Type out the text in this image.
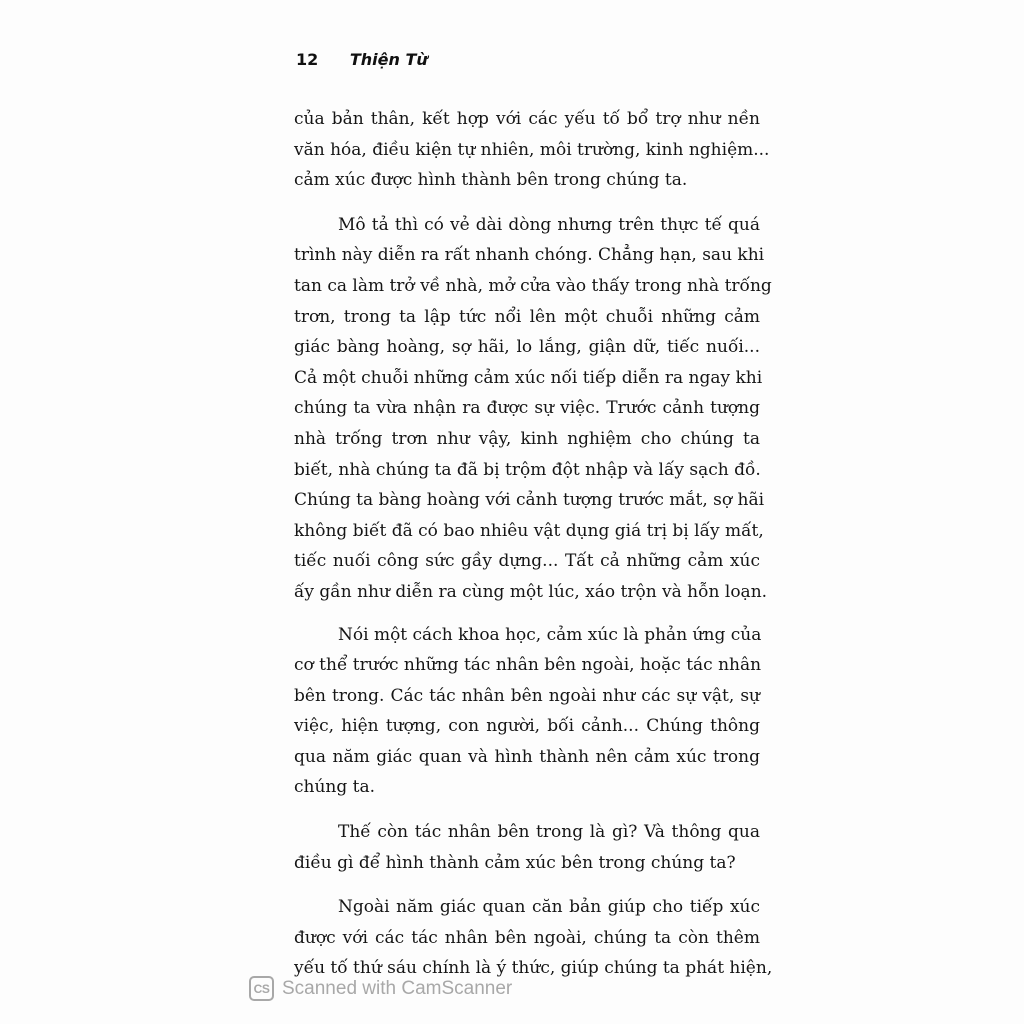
12 Thiện Từ
của bản thân, kết hợp với các yếu tố bổ trợ như nền
văn hóa, điều kiện tự nhiên, môi trường, kinh nghiệm...
cảm xúc được hình thành bên trong chúng ta.
Mô tả thì có vẻ dài dòng nhưng trên thực tế quá
trình này diễn ra rất nhanh chóng. Chẳng hạn, sau khi
tan ca làm trở về nhà, mở cửa vào thấy trong nhà trống
trơn, trong ta lập tức nổi lên một chuỗi những cảm
giác bàng hoàng, sợ hãi, lo lắng, giận dữ, tiếc nuối...
Cả một chuỗi những cảm xúc nối tiếp diễn ra ngay khi
chúng ta vừa nhận ra được sự việc. Trước cảnh tượng
nhà trống trơn như vậy, kinh nghiệm cho chúng ta
biết, nhà chúng ta đã bị trộm đột nhập và lấy sạch đồ.
Chúng ta bàng hoàng với cảnh tượng trước mắt, sợ hãi
không biết đã có bao nhiêu vật dụng giá trị bị lấy mất,
tiếc nuối công sức gầy dựng... Tất cả những cảm xúc
ấy gần như diễn ra cùng một lúc, xáo trộn và hỗn loạn.
Nói một cách khoa học, cảm xúc là phản ứng của
cơ thể trước những tác nhân bên ngoài, hoặc tác nhân
bên trong. Các tác nhân bên ngoài như các sự vật, sự
việc, hiện tượng, con người, bối cảnh... Chúng thông
qua năm giác quan và hình thành nên cảm xúc trong
chúng ta.
Thế còn tác nhân bên trong là gì? Và thông qua
điều gì để hình thành cảm xúc bên trong chúng ta?
Ngoài năm giác quan căn bản giúp cho tiếp xúc
được với các tác nhân bên ngoài, chúng ta còn thêm
yếu tố thứ sáu chính là ý thức, giúp chúng ta phát hiện,
CS Scanned with CamScanner
